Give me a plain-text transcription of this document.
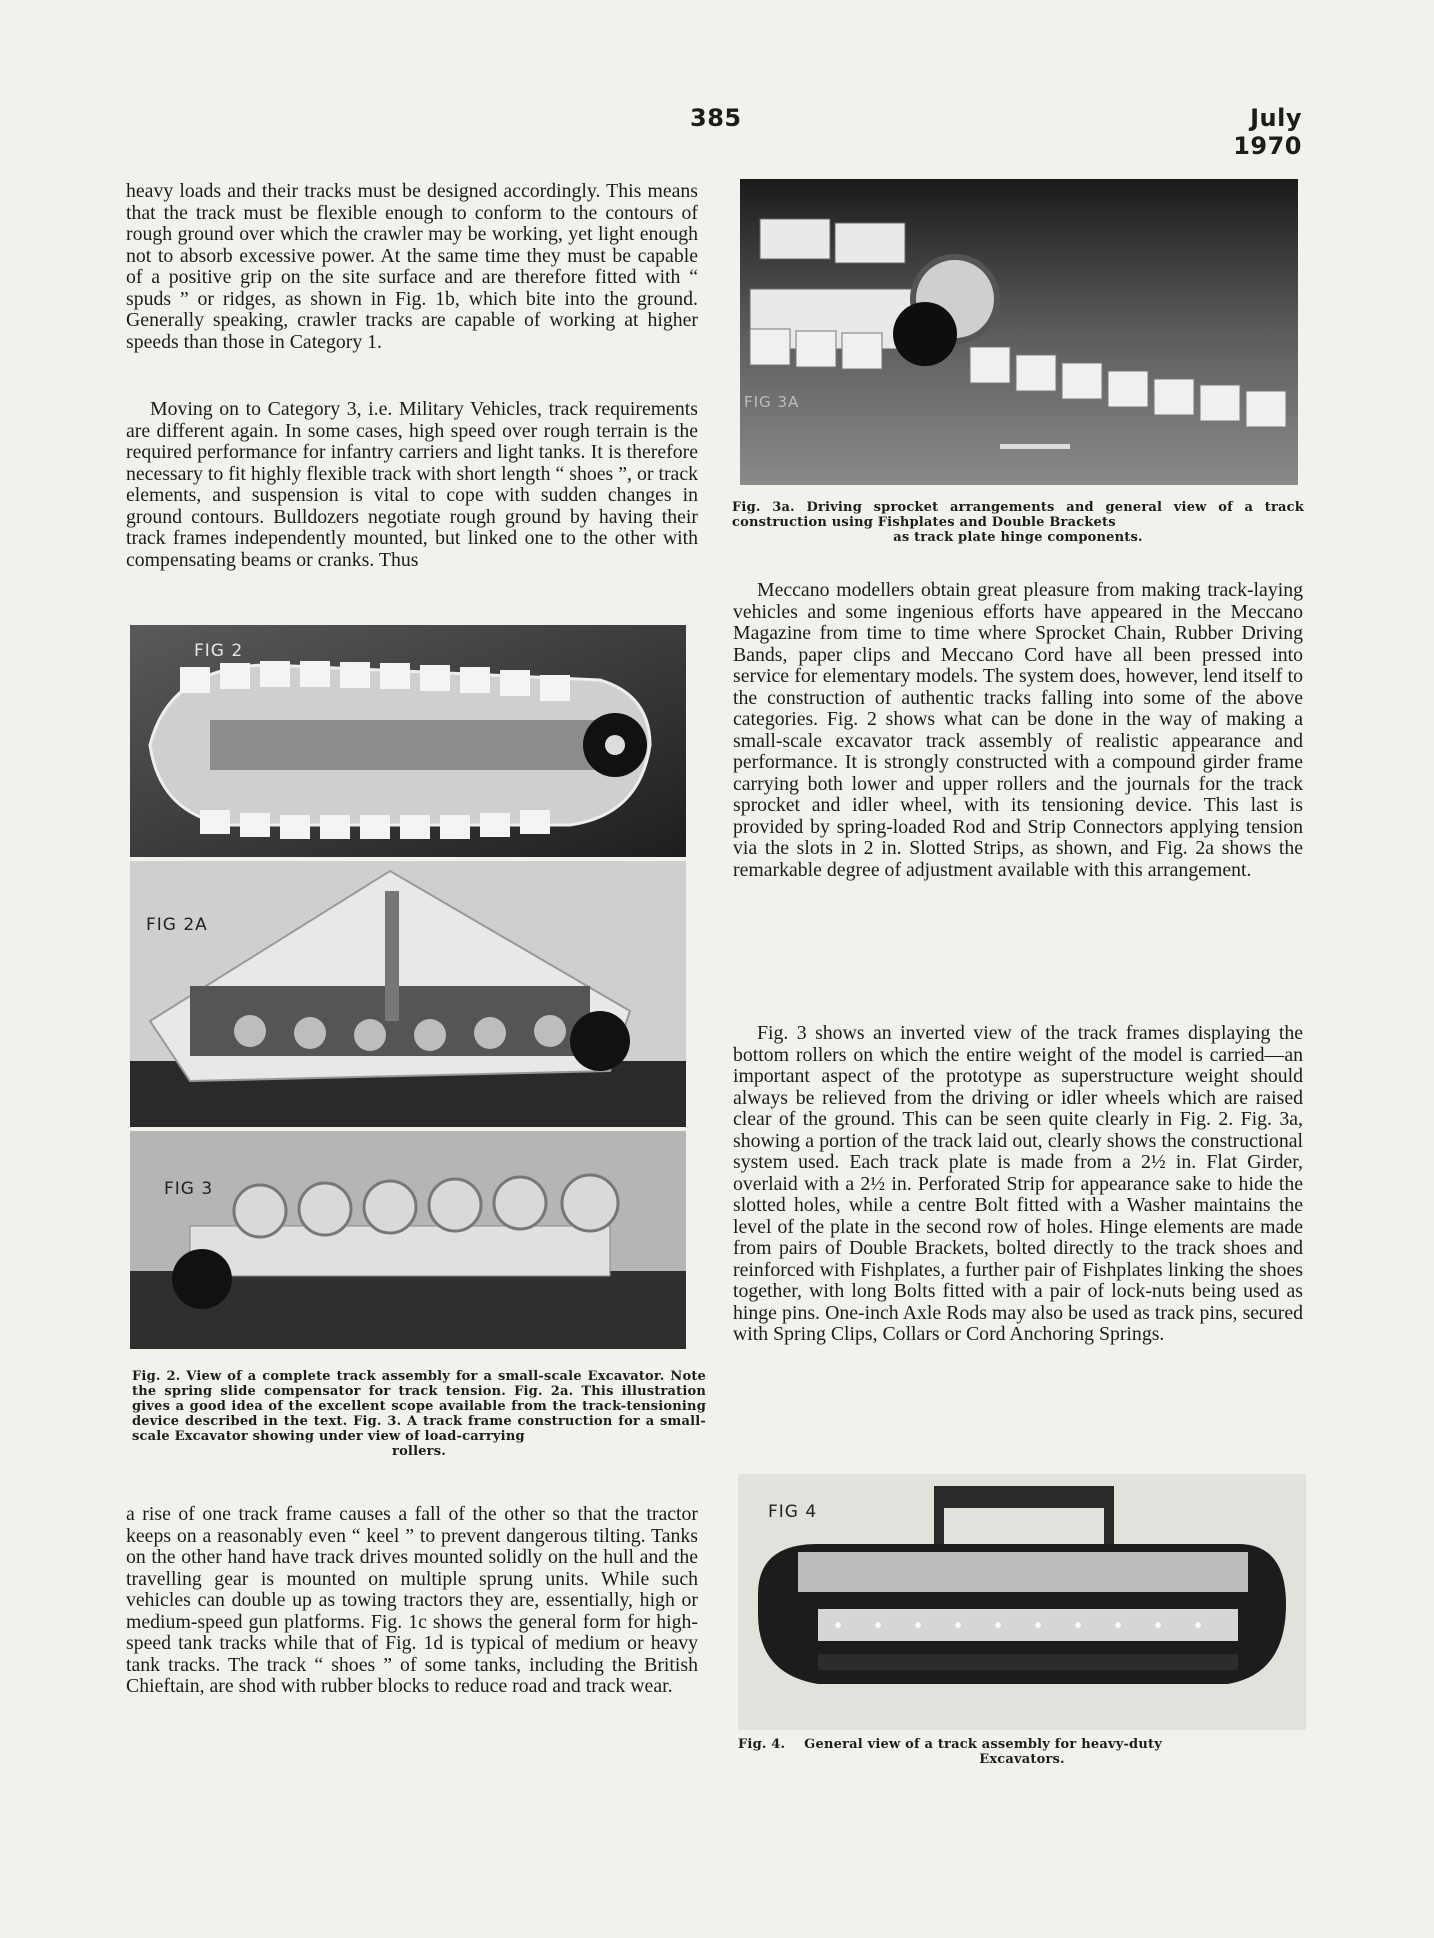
385	July 1970

heavy loads and their tracks must be designed accordingly. This means that the track must be flexible enough to conform to the contours of rough ground over which the crawler may be working, yet light enough not to absorb excessive power. At the same time they must be capable of a positive grip on the site surface and are therefore fitted with “ spuds ” or ridges, as shown in Fig. 1b, which bite into the ground. Generally speaking, crawler tracks are capable of working at higher speeds than those in Category 1.

Moving on to Category 3, i.e. Military Vehicles, track requirements are different again. In some cases, high speed over rough terrain is the required performance for infantry carriers and light tanks. It is therefore necessary to fit highly flexible track with short length “ shoes ”, or track elements, and suspension is vital to cope with sudden changes in ground contours. Bulldozers negotiate rough ground by having their track frames independently mounted, but linked one to the other with compensating beams or cranks. Thus

FIG 2
FIG 2A
FIG 3

Fig. 2. View of a complete track assembly for a small-scale Excavator. Note the spring slide compensator for track tension. Fig. 2a. This illustration gives a good idea of the excellent scope available from the track-tensioning device described in the text. Fig. 3. A track frame construction for a small-scale Excavator showing under view of load-carrying
rollers.

a rise of one track frame causes a fall of the other so that the tractor keeps on a reasonably even “ keel ” to prevent dangerous tilting. Tanks on the other hand have track drives mounted solidly on the hull and the travelling gear is mounted on multiple sprung units. While such vehicles can double up as towing tractors they are, essentially, high or medium-speed gun platforms. Fig. 1c shows the general form for high-speed tank tracks while that of Fig. 1d is typical of medium or heavy tank tracks. The track “ shoes ” of some tanks, including the British Chieftain, are shod with rubber blocks to reduce road and track wear.

FIG 3A

Fig. 3a. Driving sprocket arrangements and general view of a track construction using Fishplates and Double Brackets
as track plate hinge components.

Meccano modellers obtain great pleasure from making track-laying vehicles and some ingenious efforts have appeared in the Meccano Magazine from time to time where Sprocket Chain, Rubber Driving Bands, paper clips and Meccano Cord have all been pressed into service for elementary models. The system does, however, lend itself to the construction of authentic tracks falling into some of the above categories. Fig. 2 shows what can be done in the way of making a small-scale excavator track assembly of realistic appearance and performance. It is strongly constructed with a compound girder frame carrying both lower and upper rollers and the journals for the track sprocket and idler wheel, with its tensioning device. This last is provided by spring-loaded Rod and Strip Connectors applying tension via the slots in 2 in. Slotted Strips, as shown, and Fig. 2a shows the remarkable degree of adjustment available with this arrangement.

Fig. 3 shows an inverted view of the track frames displaying the bottom rollers on which the entire weight of the model is carried—an important aspect of the prototype as superstructure weight should always be relieved from the driving or idler wheels which are raised clear of the ground. This can be seen quite clearly in Fig. 2. Fig. 3a, showing a portion of the track laid out, clearly shows the constructional system used. Each track plate is made from a 2½ in. Flat Girder, overlaid with a 2½ in. Perforated Strip for appearance sake to hide the slotted holes, while a centre Bolt fitted with a Washer maintains the level of the plate in the second row of holes. Hinge elements are made from pairs of Double Brackets, bolted directly to the track shoes and reinforced with Fishplates, a further pair of Fishplates linking the shoes together, with long Bolts fitted with a pair of lock-nuts being used as hinge pins. One-inch Axle Rods may also be used as track pins, secured with Spring Clips, Collars or Cord Anchoring Springs.

FIG 4

Fig. 4.    General view of a track assembly for heavy-duty
Excavators.
